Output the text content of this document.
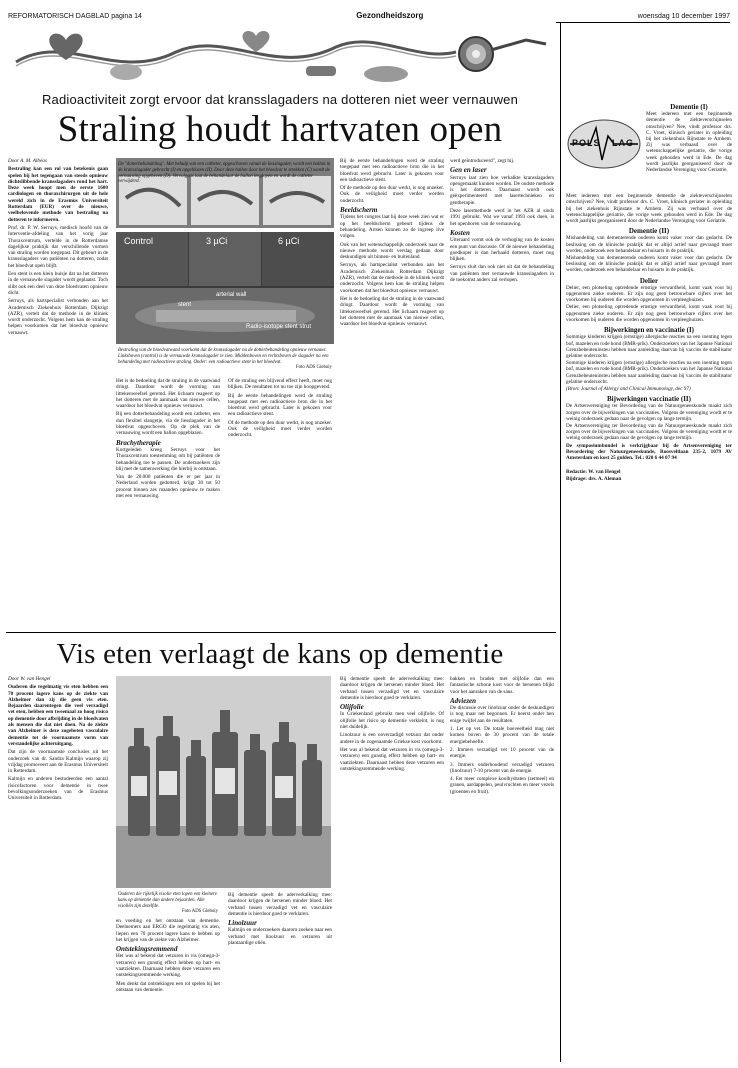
REFORMATORISCH DAGBLAD pagina 14	Gezondheidszorg	woensdag 10 december 1997
Radioactiviteit zorgt ervoor dat kransslagaders na dotteren niet weer vernauwen
Straling houdt hartvaten open
Door A. M. Albéas

Bestraling kan een rol van betekenis gaan spelen bij het tegengaan van steeds opnieuw dichtslibbende kransslagaders rond het hart. Deze week hoopt men de eerste 1600 cardiologen en thoraxchirurgen uit de hele wereld zich in de Erasmus Universiteit Rotterdam (EUR) over de nieuwe, veelbelovende methode van bestraling na dotteren te informeren.

Prof. dr. P. W. Serruys, medisch hoofd van de Interventie-afdeling van het vorig jaar Thoraxcentrum, vertelde in de Rotterdamse dagelijkse praktijk dat verschillende vormen van straling worden toegepast. Dit gebeurt in de kransslagaders van patiënten na dotteren, zodat het bloedvat open blijft.

Een stent is een klein buisje dat na het dotteren in de vernauwde slagader wordt geplaatst. Toch slibt ook een deel van deze bloedvaten opnieuw dicht.

Serruys, als hartspecialist verbonden aan het Academisch Ziekenhuis Rotterdam Dijkzigt (AZR), vertelt dat de methode in de kliniek wordt onderzocht. Volgens hem kan de straling helpen voorkomen dat het bloedvat opnieuw vernauwt.

De "dotterbehandeling". Met behulp van een catheter, opgeschoven vanuit de liesslagader, wordt een ballon in de kransslagader gebracht (I) en opgeblazen (II). Door deze ballon door het bloedvat te strekken (C) wordt de vernauwing opgeheven (D). Vervolgens laat de behandelaar de ballon leeglopen en wordt de catheter verwijderd.
Control	3 µCi	6 µCi
arterial wall
stent
Radio-isotope stent strut
Bestraling van de bloedvatwand voorkomt dat de kransslagader na de dotterbehandeling opnieuw vernauwt. Linksboven (control) is de vernauwde kransslagader te zien. Middenboven en rechtsboven de slagader na een behandeling met radioactieve straling. Onder: een radioactieve stent in het bloedvat.
Foto ADS Gieboiy

Het is de bedoeling dat de straling in de vaatwand dringt. Daardoor wordt de vorming van littekenweefsel geremd. Het lichaam reageert op het dotteren met de aanmaak van nieuwe cellen, waardoor het bloedvat opnieuw vernauwt.

Bij een dotterbehandeling wordt een catheter, een dun flexibel slangetje, via de liesslagader in het bloedvat opgeschoven. Op de plek van de vernauwing wordt een ballon opgeblazen.

Brachytherapie

Kortgeleden kreeg Serruys voor het Thoraxcentrum toestemming om bij patiënten de behandeling toe te passen. De onderzoekers zijn blij met de samenwerking die hierbij is ontstaan.

Van de 20.000 patiënten die er per jaar in Nederland worden gedotterd, krijgt 30 tot 50 procent binnen zes maanden opnieuw te maken met een vernauwing.

Of de straling een blijvend effect heeft, moet nog blijken. De resultaten tot nu toe zijn hoopgevend.

Bij de eerste behandelingen werd de straling toegepast met een radioactieve bron die in het bloedvat werd gebracht. Later is gekozen voor een radioactieve stent.

Of de methode op den duur werkt, is nog onzeker. Ook de veiligheid moet verder worden onderzocht.

Bij de eerste behandelingen werd de straling toegepast met een radioactieve bron die in het bloedvat werd gebracht. Later is gekozen voor een radioactieve stent.

Of de methode op den duur werkt, is nog onzeker. Ook de veiligheid moet verder worden onderzocht.

Beeldscherm

Tijdens het congres laat hij deze week zien wat er op het beeldscherm gebeurt tijdens de behandeling. Artsen kunnen zo de ingreep live volgen.

Ook van het wetenschappelijk onderzoek naar de nieuwe methode wordt verslag gedaan door deskundigen uit binnen- en buitenland.

Serruys, als hartspecialist verbonden aan het Academisch Ziekenhuis Rotterdam Dijkzigt (AZR), vertelt dat de methode in de kliniek wordt onderzocht. Volgens hem kan de straling helpen voorkomen dat het bloedvat opnieuw vernauwt.

Het is de bedoeling dat de straling in de vaatwand dringt. Daardoor wordt de vorming van littekenweefsel geremd. Het lichaam reageert op het dotteren met de aanmaak van nieuwe cellen, waardoor het bloedvat opnieuw vernauwt.

werd geïntroduceerd", zegt hij.

Gen en laser

Serruys laat zien hoe verkalkte kransslagaders opengemaakt kunnen worden. De oudste methode is het dotteren. Daarnaast wordt ook geëxperimenteerd met lasertechnieken en gentherapie.

Deze lasermethode werd in het AZR al sinds 1991 gebruikt. Wat we vanaf 1993 ook doen, is het openboren van de vernauwing.

Kosten

Uiteraard vormt ook de verhoging van de kosten een punt van discussie. Of de nieuwe behandeling goedkoper is dan herhaald dotteren, moet nog blijken.

Serruys sluit dan ook niet uit dat de behandeling van patiënten met vernauwde kransslagaders in de toekomst anders zal verlopen.

Vis eten verlaagt de kans op dementie
Door W. van Hengel

Ouderen die regelmatig vis eten hebben een 70 procent lagere kans op de ziekte van Alzheimer dan zij die geen vis eten. Bejaarden daarentegen die veel verzadigd vet eten, hebben een tweemaal zo hoog risico op dementie door afbrijding in de bloedvaten als mensen die dat niet doen. Na de ziekte van Alzheimer is deze zogeheten vasculaire dementie tot de voornaamste vorm van verstandelijke achteruitgang.

Dat zijn de voornaamste conclusies uit het onderzoek van dr. Sandra Kalmijn waarop zij vrijdag promoveert aan de Erasmus Universiteit in Rotterdam.

Kalmijn en anderen bestudeerden een aantal risicofactoren voor dementie in twee bevolkingsonderzoeken van de Erasmus Universiteit in Rotterdam.

Ouderen die rijkelijk visolie eten lopen een kleinere kans op dementie dan andere bejaarden. Alle visoliën zijn dezelfde.
Foto ADS Gieboiy

en voeding en het ontstaan van dementie. Deelnemers aan ERGO die regelmatig vis aten, liepen een 70 procent lagere kans te hebben op het krijgen van de ziekte van Alzheimer.

Ontstekingsremmend

Het was al bekend dat vetzuren in vis (omega-3-vetzuren) een gunstig effect hebben op hart- en vaatziekten. Daarnaast hebben deze vetzuren een ontstekingsremmende werking.

Men denkt dat ontstekingen een rol spelen bij het ontstaan van dementie.

Bij dementie speelt de aderverkalking mee: daardoor krijgen de hersenen minder bloed. Het verband tussen verzadigd vet en vasculaire dementie is hierdoor goed te verklaren.

Linolzuur

Kalmijn en onderzoekers daarom zoeken naar een verband met linolzuur en vetzuren uit plantaardige oliën.

Bij dementie speelt de aderverkalking mee: daardoor krijgen de hersenen minder bloed. Het verband tussen verzadigd vet en vasculaire dementie is hierdoor goed te verklaren.

Olijfolie

In Griekenland gebruikt men veel olijfolie. Of olijfolie het risico op dementie verkleint, is nog niet duidelijk.

Linolzuur is een onverzadigd vetzuur dat onder andere in de zogenaamde Griekse kost voorkomt.

Het was al bekend dat vetzuren in vis (omega-3-vetzuren) een gunstig effect hebben op hart- en vaatziekten. Daarnaast hebben deze vetzuren een ontstekingsremmende werking.

bakken en braden met olijfolie dan een fantastische schone kost voor de hersenen blijkt voor het aanraken van de saus.

Adviezen

De discussie over linolzuur onder de deskundigen is nog maar net begonnen. Er heerst onder hen enige twijfel aan de resultaten.

1. Let op vet. De totale hoeveelheid mag niet komen boven de 30 procent van de totale energiebehoefte.

2. Immers verzadigd vet 10 procent van de energie.

3. Immers onderhoudend verzadigd vetzuren (linolzuur) 7-10 procent van de energie.

4. Eet meer complexe koolhydraten (zetmeel) en granen, aardappelen, peulvruchten en meer vezels (groenten en fruit).

POLS LAG
Dementie (I)

Meet iedereen met een beginnende dementie de ziekteverschijnselen omschrijven? Nee, vindt professor drs. C. Vroet, klinisch geriater in opleiding bij het ziekenhuis Rijnstate te Arnhem. Zij was verbaasd over de wetenschappelijke geriatrie, die vorige week gehouden werd in Ede. De dag wordt jaarlijks georganiseerd door de Nederlandse Vereniging voor Geriatrie.

Meet iedereen met een beginnende dementie de ziekteverschijnselen omschrijven? Nee, vindt professor drs. C. Vroet, klinisch geriater in opleiding bij het ziekenhuis Rijnstate te Arnhem. Zij was verbaasd over de wetenschappelijke geriatrie, die vorige week gehouden werd in Ede. De dag wordt jaarlijks georganiseerd door de Nederlandse Vereniging voor Geriatrie.

Dementie (II)

Mishandeling van dementerende ouderen komt vaker voor dan gedacht. De beslissing om de klinische praktijk dat er altijd actief naar gevraagd moet worden, onderzoek een behandelaar en huisarts in de praktijk.

Mishandeling van dementerende ouderen komt vaker voor dan gedacht. De beslissing om de klinische praktijk dat er altijd actief naar gevraagd moet worden, onderzoek een behandelaar en huisarts in de praktijk.

Delier

Delier, een plotseling optredende ernstige verwardheid, komt vaak voor bij opgenomen zieke ouderen. Er zijn nog geen betrouwbare cijfers over het voorkomen bij ouderen die worden opgenomen in verpleeghuizen.

Delier, een plotseling optredende ernstige verwardheid, komt vaak voor bij opgenomen zieke ouderen. Er zijn nog geen betrouwbare cijfers over het voorkomen bij ouderen die worden opgenomen in verpleeghuizen.

Bijwerkingen en vaccinatie (I)

Sommige kinderen krijgen (ernstige) allergische reacties na een inenting tegen bof, mazelen en rode hond (BMR-prik). Onderzoekers van het Japanse National Grenzbebeuteninsteu hebben naar aanleiding daarvan bij vaccins de stabilisator gelatine onderzocht.

Sommige kinderen krijgen (ernstige) allergische reacties na een inenting tegen bof, mazelen en rode hond (BMR-prik). Onderzoekers van het Japanse National Grenzbebeuteninsteu hebben naar aanleiding daarvan bij vaccins de stabilisator gelatine onderzocht.

(Bron: Journal of Allergy and Clinical Immunology, dec 97)

Bijwerkingen vaccinatie (II)

De Artsenvereniging ter Bevordering van de Natuurgeneeskunde maakt zich zorgen over de bijwerkingen van vaccinaties. Volgens de vereniging wordt er te weinig onderzoek gedaan naar de gevolgen op lange termijn.

De Artsenvereniging ter Bevordering van de Natuurgeneeskunde maakt zich zorgen over de bijwerkingen van vaccinaties. Volgens de vereniging wordt er te weinig onderzoek gedaan naar de gevolgen op lange termijn.

De symposiumbundel is verkrijgbaar bij de Artsenvereniging ter Bevordering der Natuurgeneeskunde, Roosveltlaan 235-2, 1079 AV Amsterdam en kost 25 gulden. Tel.: 020 6 44 07 94

Redactie: W. van Hengel

Bijdrage: drs. A. Aleman
